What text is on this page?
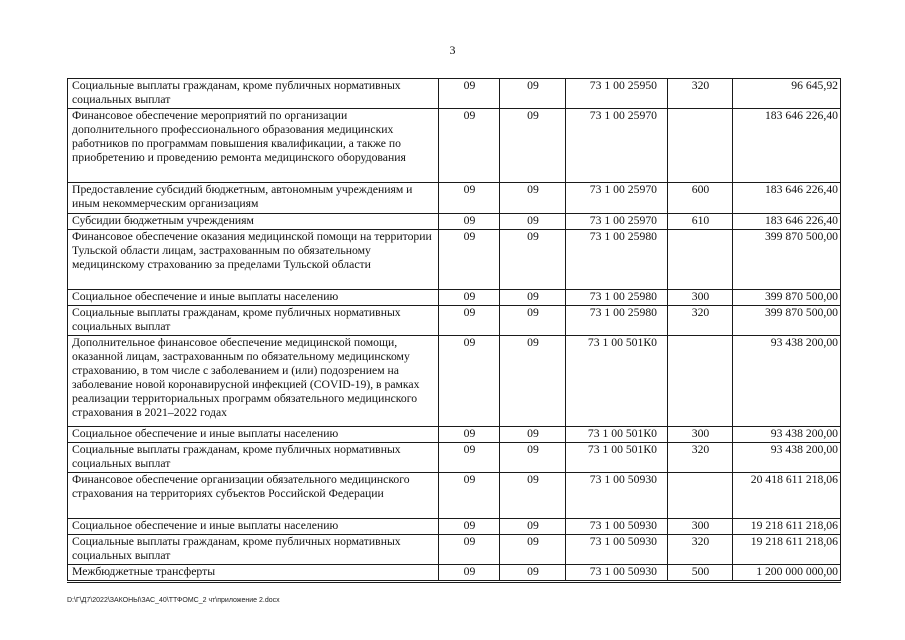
3
Социальные выплаты гражданам, кроме публичных нормативных социальных выплат	09	09	73 1 00 25950	320	96 645,92
Финансовое обеспечение мероприятий по организации дополнительного профессионального образования медицинских работников по программам повышения квалификации, а также по приобретению и проведению ремонта медицинского оборудования	09	09	73 1 00 25970		183 646 226,40
Предоставление субсидий бюджетным, автономным учреждениям и иным некоммерческим организациям	09	09	73 1 00 25970	600	183 646 226,40
Субсидии бюджетным учреждениям	09	09	73 1 00 25970	610	183 646 226,40
Финансовое обеспечение оказания медицинской помощи на территории Тульской области лицам, застрахованным по обязательному медицинскому страхованию за пределами Тульской области	09	09	73 1 00 25980		399 870 500,00
Социальное обеспечение и иные выплаты населению	09	09	73 1 00 25980	300	399 870 500,00
Социальные выплаты гражданам, кроме публичных нормативных социальных выплат	09	09	73 1 00 25980	320	399 870 500,00
Дополнительное финансовое обеспечение медицинской помощи, оказанной лицам, застрахованным по обязательному медицинскому страхованию, в том числе с заболеванием и (или) подозрением на заболевание новой коронавирусной инфекцией (COVID-19), в рамках реализации территориальных программ обязательного медицинского страхования в 2021–2022 годах	09	09	73 1 00 501К0		93 438 200,00
Социальное обеспечение и иные выплаты населению	09	09	73 1 00 501К0	300	93 438 200,00
Социальные выплаты гражданам, кроме публичных нормативных социальных выплат	09	09	73 1 00 501К0	320	93 438 200,00
Финансовое обеспечение организации обязательного медицинского страхования на территориях субъектов Российской Федерации	09	09	73 1 00 50930		20 418 611 218,06
Социальное обеспечение и иные выплаты населению	09	09	73 1 00 50930	300	19 218 611 218,06
Социальные выплаты гражданам, кроме публичных нормативных социальных выплат	09	09	73 1 00 50930	320	19 218 611 218,06
Межбюджетные трансферты	09	09	73 1 00 50930	500	1 200 000 000,00
D:\Г\Д7\2022\ЗАКОНЫ\ЗАС_40\ТТФОМС_2 чт\приложение 2.docx
